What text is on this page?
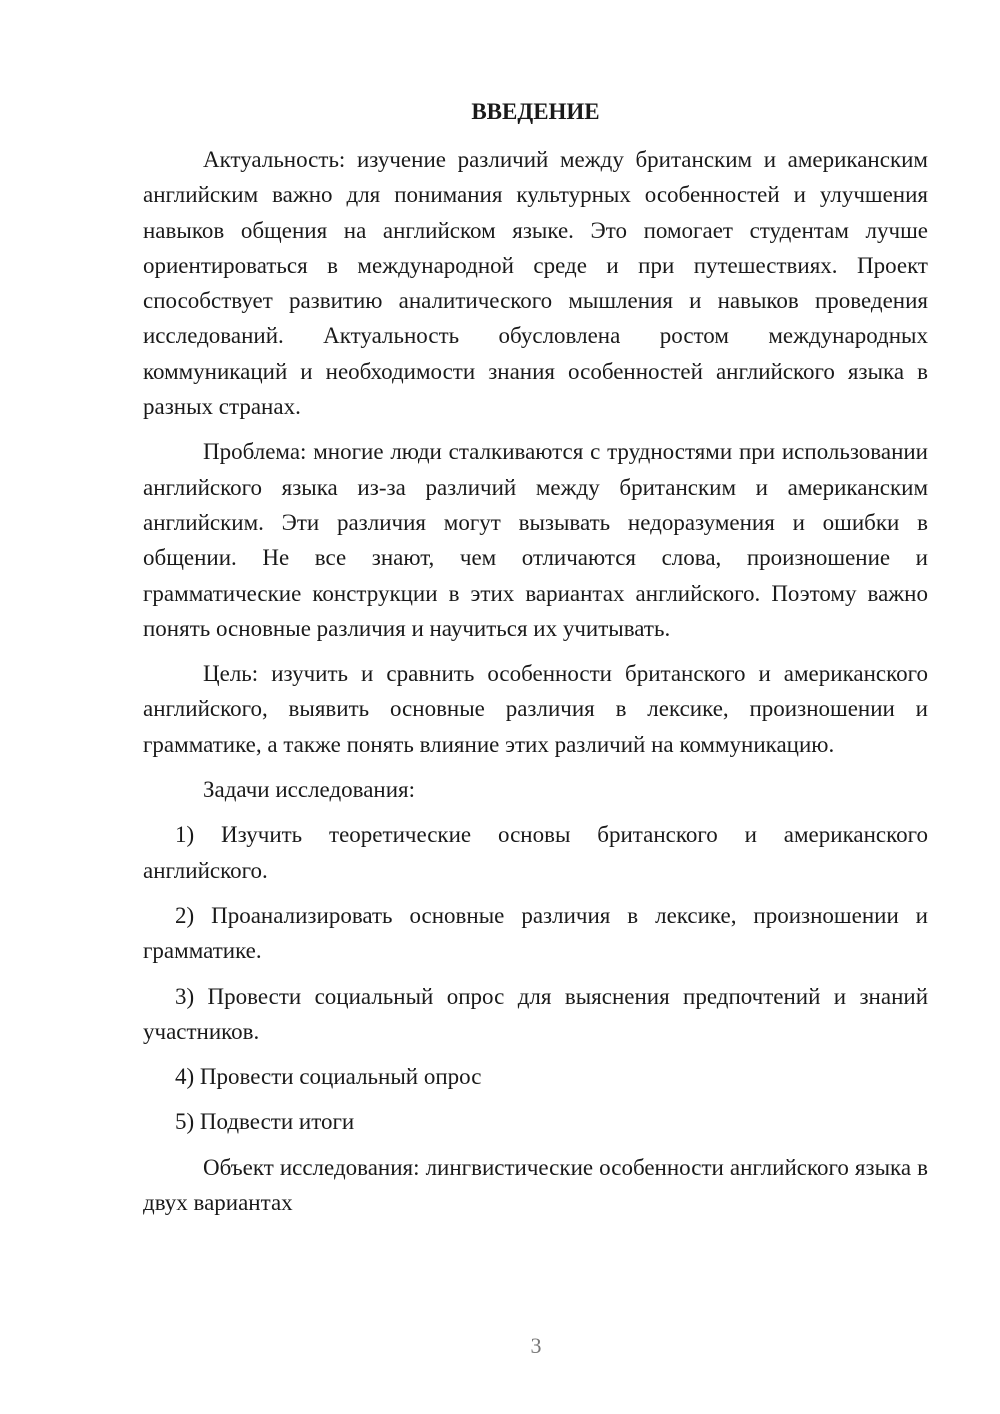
ВВЕДЕНИЕ

Актуальность: изучение различий между британским и американским английским важно для понимания культурных особенностей и улучшения навыков общения на английском языке. Это помогает студентам лучше ориентироваться в международной среде и при путешествиях. Проект способствует развитию аналитического мышления и навыков проведения исследований. Актуальность обусловлена ростом международных коммуникаций и необходимости знания особенностей английского языка в разных странах.

Проблема: многие люди сталкиваются с трудностями при использовании английского языка из-за различий между британским и американским английским. Эти различия могут вызывать недоразумения и ошибки в общении. Не все знают, чем отличаются слова, произношение и грамматические конструкции в этих вариантах английского. Поэтому важно понять основные различия и научиться их учитывать.

Цель: изучить и сравнить особенности британского и американского английского, выявить основные различия в лексике, произношении и грамматике, а также понять влияние этих различий на коммуникацию.

Задачи исследования:

1) Изучить теоретические основы британского и американского английского.

2) Проанализировать основные различия в лексике, произношении и грамматике.

3) Провести социальный опрос для выяснения предпочтений и знаний участников.

4) Провести социальный опрос

5) Подвести итоги

Объект исследования: лингвистические особенности английского языка в двух вариантах

3
